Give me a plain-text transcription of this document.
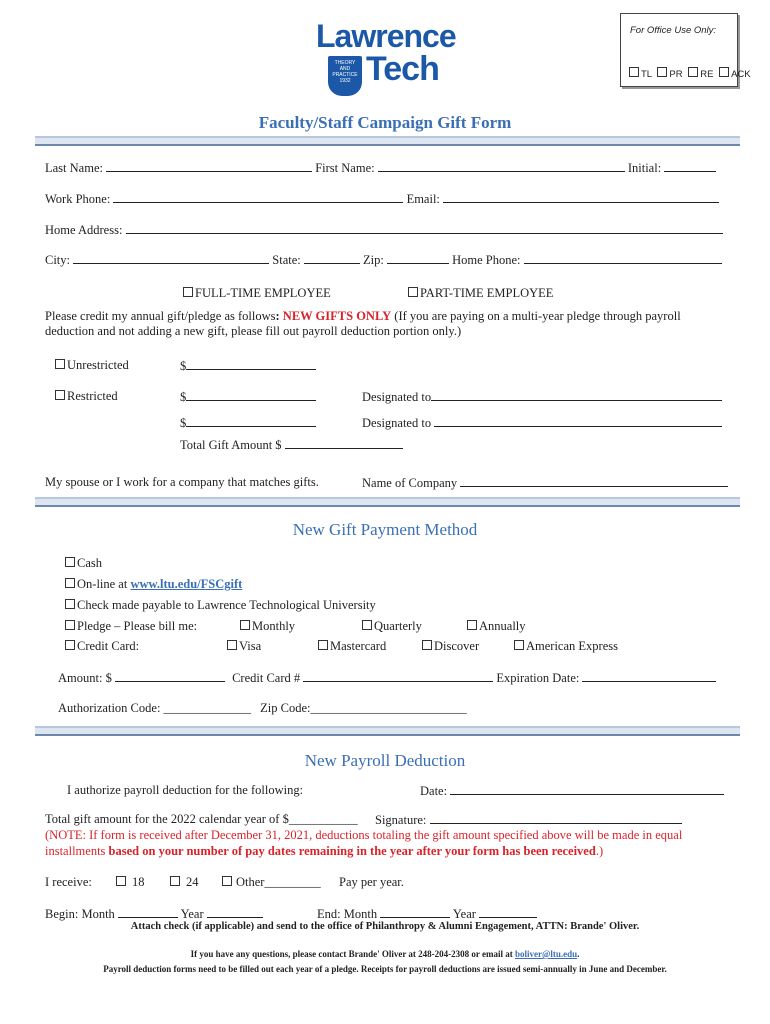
Lawrence
THEORY AND PRACTICE 1932 Tech
For Office Use Only:
TL PR RE ACK
Faculty/Staff Campaign Gift Form
Last Name:	First Name:	Initial:
Work Phone:	Email:
Home Address:
City:	State:	Zip:	Home Phone:
FULL-TIME EMPLOYEE	PART-TIME EMPLOYEE
Please credit my annual gift/pledge as follows: NEW GIFTS ONLY (If you are paying on a multi-year pledge through payroll
deduction and not adding a new gift, please fill out payroll deduction portion only.)
Unrestricted	$
Restricted	$	Designated to
$	Designated to
Total Gift Amount $
My spouse or I work for a company that matches gifts.	Name of Company
New Gift Payment Method
Cash
On-line at www.ltu.edu/FSCgift
Check made payable to Lawrence Technological University
Pledge – Please bill me:	Monthly	Quarterly	Annually
Credit Card:	Visa	Mastercard	Discover	American Express
Amount: $	Credit Card #	Expiration Date:
Authorization Code: ______________ Zip Code:_________________________
New Payroll Deduction
I authorize payroll deduction for the following:	Date:
Total gift amount for the 2022 calendar year of $___________ Signature:
(NOTE: If form is received after December 31, 2021, deductions totaling the gift amount specified above will be made in equal
installments based on your number of pay dates remaining in the year after your form has been received.)
I receive:	18	24	Other_________ Pay per year.
Begin: Month	Year	End: Month	Year
Attach check (if applicable) and send to the office of Philanthropy & Alumni Engagement, ATTN: Brande' Oliver.
If you have any questions, please contact Brande' Oliver at 248-204-2308 or email at boliver@ltu.edu.
Payroll deduction forms need to be filled out each year of a pledge. Receipts for payroll deductions are issued semi-annually in June and December.
